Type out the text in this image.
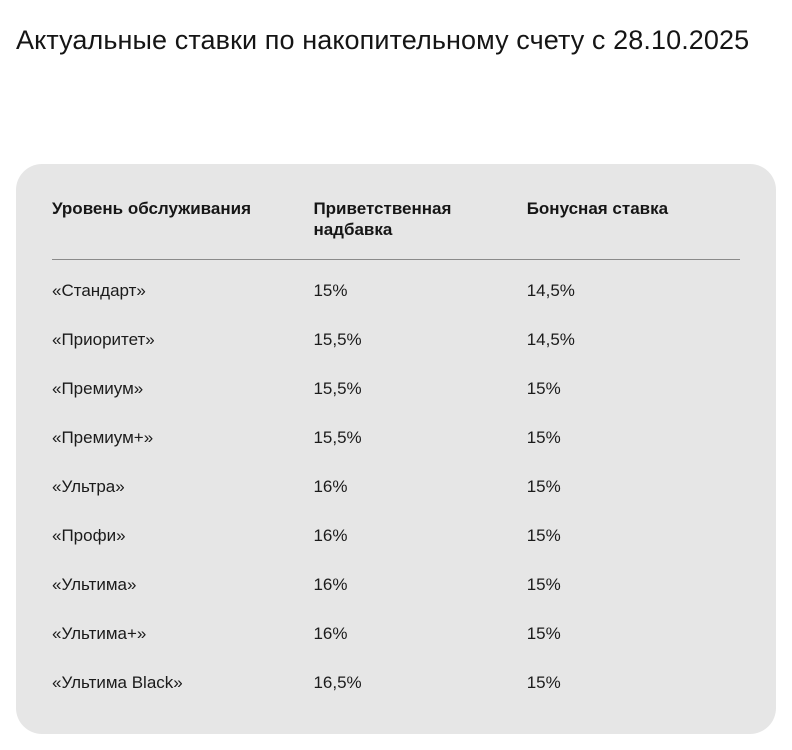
Актуальные ставки по накопительному счету с 28.10.2025
Уровень обслуживания	Приветственная надбавка	Бонусная ставка
«Стандарт»	15%	14,5%
«Приоритет»	15,5%	14,5%
«Премиум»	15,5%	15%
«Премиум+»	15,5%	15%
«Ультра»	16%	15%
«Профи»	16%	15%
«Ультима»	16%	15%
«Ультима+»	16%	15%
«Ультима Black»	16,5%	15%
